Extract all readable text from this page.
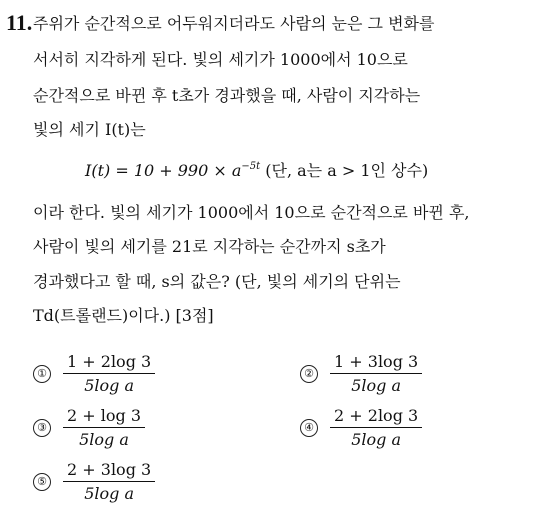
11. 주위가 순간적으로 어두워지더라도 사람의 눈은 그 변화를
서서히 지각하게 된다. 빛의 세기가 1000에서 10으로
순간적으로 바뀐 후 t초가 경과했을 때, 사람이 지각하는
빛의 세기 I(t)는
$I(t) = 10 + 990 \times a^{-5t}$ (단, a는 a > 1인 상수)
이라 한다. 빛의 세기가 1000에서 10으로 순간적으로 바뀐 후,
사람이 빛의 세기를 21로 지각하는 순간까지 s초가
경과했다고 할 때, s의 값은? (단, 빛의 세기의 단위는
Td(트롤랜드)이다.) [3점]
① $\frac{1 + 2\log 3}{\text{5log a}}$	② $\frac{1 + 3\log 3}{\text{5log a}}$
③ $\frac{2 + \log 3}{\text{5log a}}$	④ $\frac{2 + 2\log 3}{\text{5log a}}$
⑤ $\frac{2 + 3\log 3}{\text{5log a}}$
